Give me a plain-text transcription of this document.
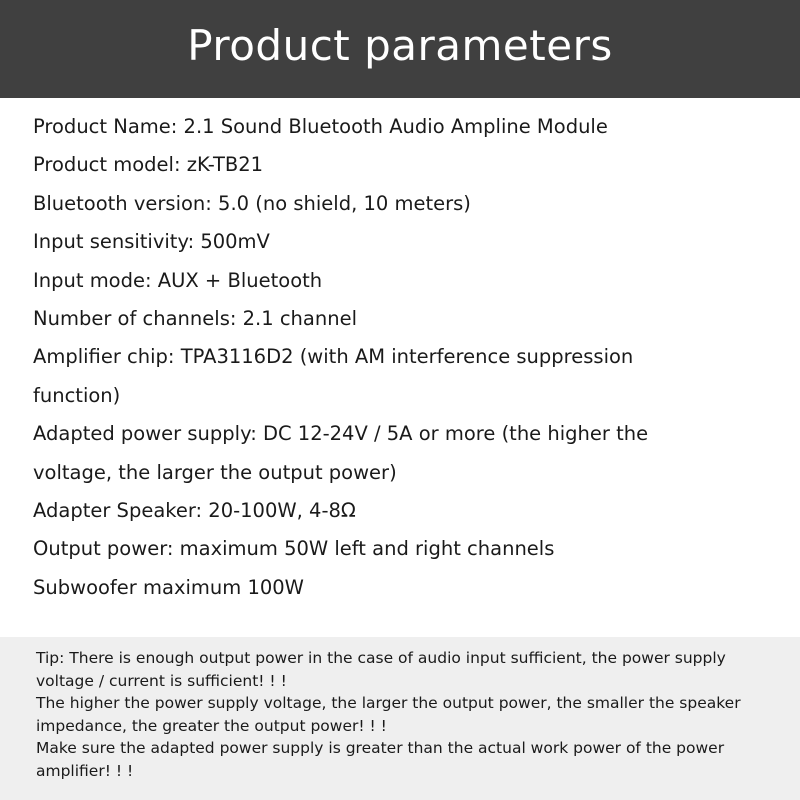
Product parameters
Product Name: 2.1 Sound Bluetooth Audio Ampline Module
Product model: zK-TB21
Bluetooth version: 5.0 (no shield, 10 meters)
Input sensitivity: 500mV
Input mode: AUX + Bluetooth
Number of channels: 2.1 channel
Amplifier chip: TPA3116D2 (with AM interference suppression
function)
Adapted power supply: DC 12-24V / 5A or more (the higher the
voltage, the larger the output power)
Adapter Speaker: 20-100W, 4-8Ω
Output power: maximum 50W left and right channels
Subwoofer maximum 100W
Tip: There is enough output power in the case of audio input sufficient, the power supply
voltage / current is sufficient! ! !
The higher the power supply voltage, the larger the output power, the smaller the speaker
impedance, the greater the output power! ! !
Make sure the adapted power supply is greater than the actual work power of the power
amplifier! ! !
